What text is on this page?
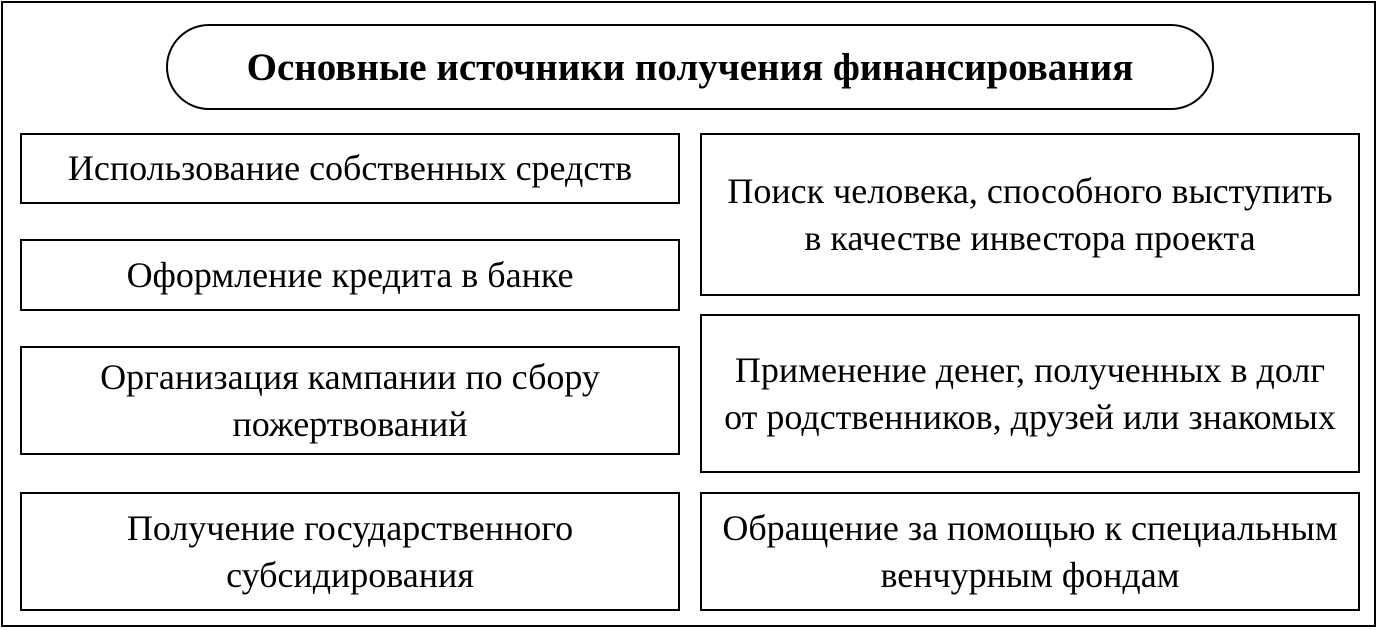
Основные источники получения финансирования
Использование собственных средств
Оформление кредита в банке
Организация кампании по сбору пожертвований
Получение государственного субсидирования
Поиск человека, способного выступить в качестве инвестора проекта
Применение денег, полученных в долг от родственников, друзей или знакомых
Обращение за помощью к специальным венчурным фондам
